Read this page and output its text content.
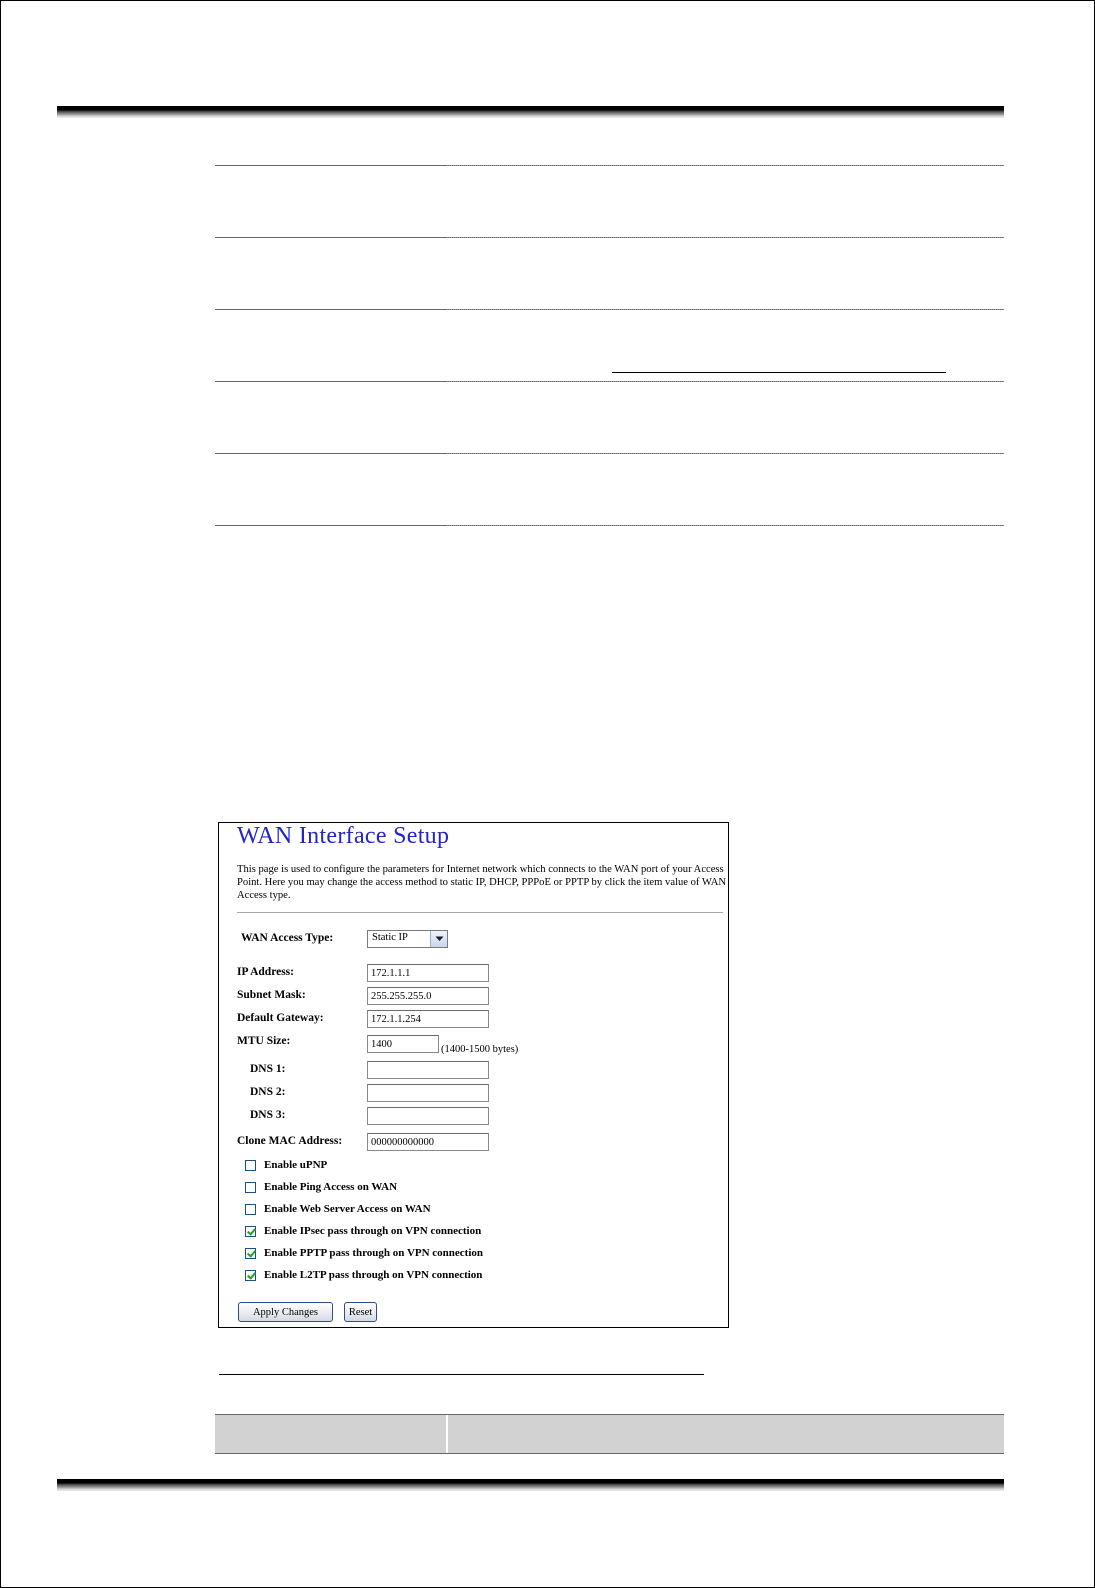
WAN Interface Setup

This page is used to configure the parameters for Internet network which connects to the WAN port of your Access Point. Here you may change the access method to static IP, DHCP, PPPoE or PPTP by click the item value of WAN Access type.

WAN Access Type:	Static IP
IP Address:
172.1.1.1
Subnet Mask:
255.255.255.0
Default Gateway:
172.1.1.254
MTU Size:
1400
(1400-1500 bytes)
DNS 1:
DNS 2:
DNS 3:
Clone MAC Address:
000000000000
Enable uPNP
Enable Ping Access on WAN
Enable Web Server Access on WAN
Enable IPsec pass through on VPN connection
Enable PPTP pass through on VPN connection
Enable L2TP pass through on VPN connection
Apply Changes	Reset
